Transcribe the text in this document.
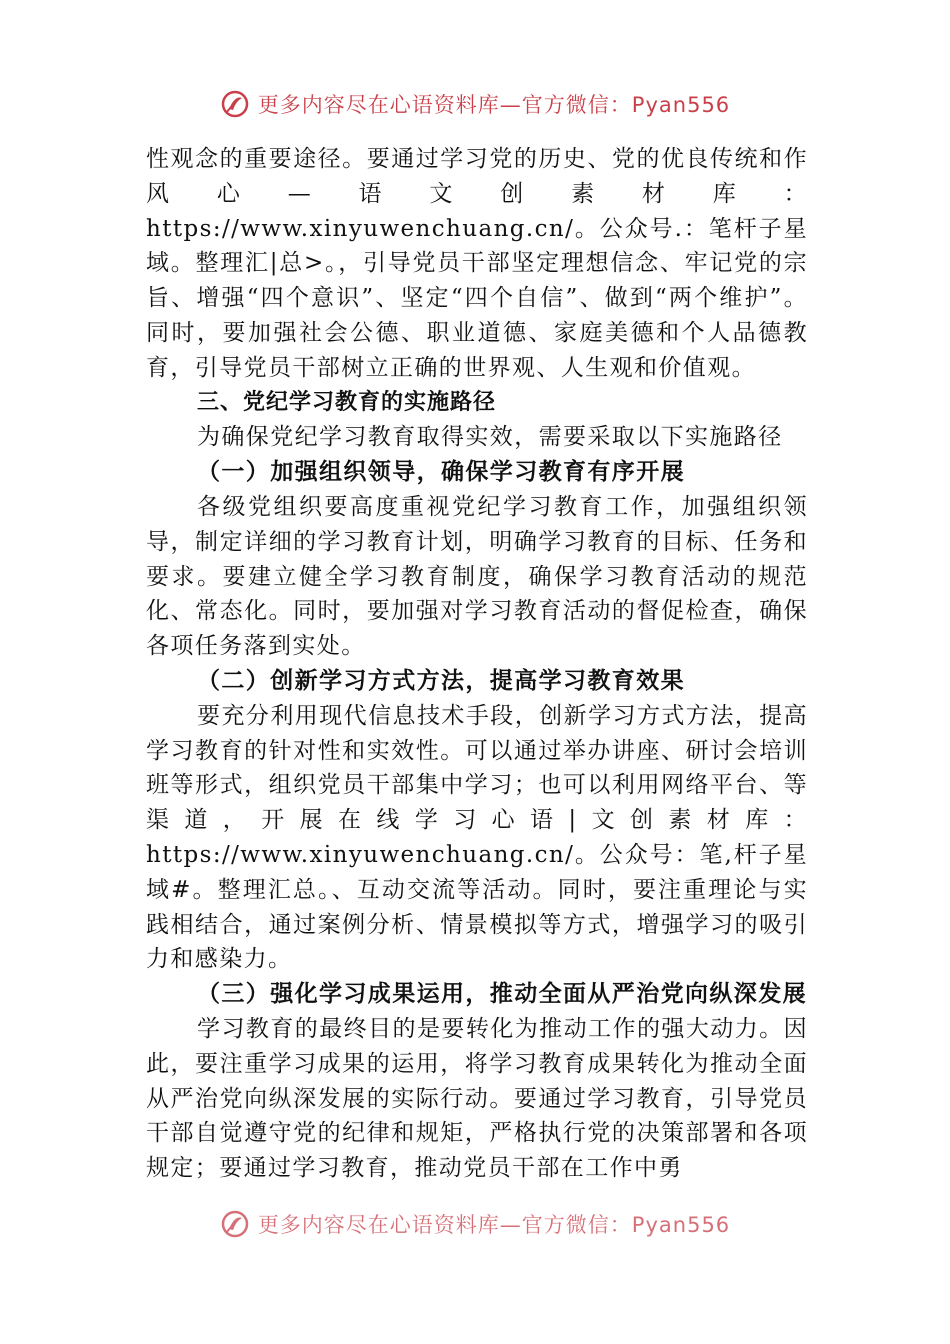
更多内容尽在心语资料库—官方微信：Pyan556

性观念的重要途径。要通过学习党的历史、党的优良传统和作风心—语文创素材库：https://www.xinyuwenchuang.cn/。公众号.：笔杆子星域。整理汇|总>。，引导党员干部坚定理想信念、牢记党的宗旨、增强“四个意识”、坚定“四个自信”、做到“两个维护”。同时，要加强社会公德、职业道德、家庭美德和个人品德教育，引导党员干部树立正确的世界观、人生观和价值观。

三、党纪学习教育的实施路径

为确保党纪学习教育取得实效，需要采取以下实施路径

（一）加强组织领导，确保学习教育有序开展

各级党组织要高度重视党纪学习教育工作，加强组织领导，制定详细的学习教育计划，明确学习教育的目标、任务和要求。要建立健全学习教育制度，确保学习教育活动的规范化、常态化。同时，要加强对学习教育活动的督促检查，确保各项任务落到实处。

（二）创新学习方式方法，提高学习教育效果

要充分利用现代信息技术手段，创新学习方式方法，提高学习教育的针对性和实效性。可以通过举办讲座、研讨会培训班等形式，组织党员干部集中学习；也可以利用网络平台、等渠道，开展在线学习心语|文创素材库：https://www.xinyuwenchuang.cn/。公众号：笔,杆子星域#。整理汇总。、互动交流等活动。同时，要注重理论与实践相结合，通过案例分析、情景模拟等方式，增强学习的吸引力和感染力。

（三）强化学习成果运用，推动全面从严治党向纵深发展

学习教育的最终目的是要转化为推动工作的强大动力。因此，要注重学习成果的运用，将学习教育成果转化为推动全面从严治党向纵深发展的实际行动。要通过学习教育，引导党员干部自觉遵守党的纪律和规矩，严格执行党的决策部署和各项规定；要通过学习教育，推动党员干部在工作中勇

更多内容尽在心语资料库—官方微信：Pyan556
